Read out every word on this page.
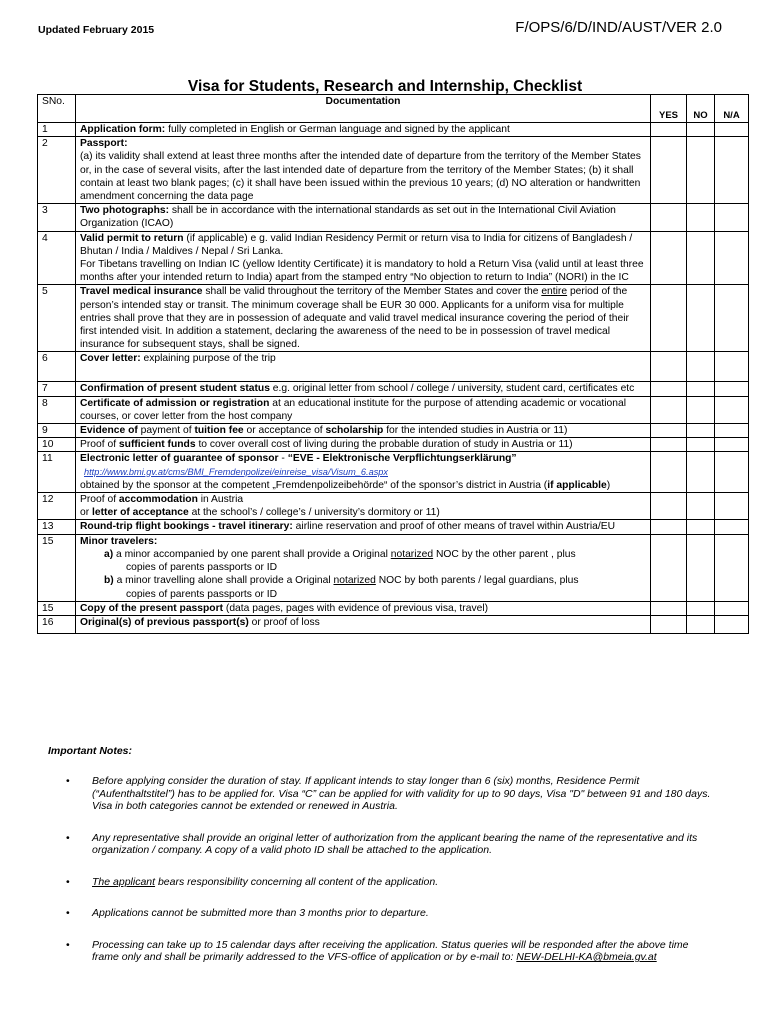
Updated February 2015	F/OPS/6/D/IND/AUST/VER 2.0
Visa for Students, Research and Internship, Checklist
SNo.	Documentation	YES	NO	N/A
1	Application form: fully completed in English or German language and signed by the applicant			
2	Passport:
(a) its validity shall extend at least three months after the intended date of departure from the territory of the Member States or, in the case of several visits, after the last intended date of departure from the territory of the Member States; (b) it shall contain at least two blank pages; (c) it shall have been issued within the previous 10 years; (d) NO alteration or handwritten amendment concerning the data page			
3	Two photographs: shall be in accordance with the international standards as set out in the International Civil Aviation Organization (ICAO)			
4	Valid permit to return (if applicable) e g. valid Indian Residency Permit or return visa to India for citizens of Bangladesh / Bhutan / India / Maldives / Nepal / Sri Lanka.
For Tibetans travelling on Indian IC (yellow Identity Certificate) it is mandatory to hold a Return Visa (valid until at least three months after your intended return to India) apart from the stamped entry “No objection to return to India” (NORI) in the IC			
5	Travel medical insurance shall be valid throughout the territory of the Member States and cover the entire period of the person’s intended stay or transit. The minimum coverage shall be EUR 30 000. Applicants for a uniform visa for multiple entries shall prove that they are in possession of adequate and valid travel medical insurance covering the period of their first intended visit. In addition a statement, declaring the awareness of the need to be in possession of travel medical insurance for subsequent stays, shall be signed.			
6	Cover letter: explaining purpose of the trip			
7	Confirmation of present student status e.g. original letter from school / college / university, student card, certificates etc			
8	Certificate of admission or registration at an educational institute for the purpose of attending academic or vocational courses, or cover letter from the host company			
9	Evidence of payment of tuition fee or acceptance of scholarship for the intended studies in Austria or 11)			
10	Proof of sufficient funds to cover overall cost of living during the probable duration of study in Austria or 11)			
11	Electronic letter of guarantee of sponsor - “EVE - Elektronische Verpflichtungserklärung”
http://www.bmi.gv.at/cms/BMI_Fremdenpolizei/einreise_visa/Visum_6.aspx
obtained by the sponsor at the competent „Fremdenpolizeibehörde“ of the sponsor’s district in Austria (if applicable)			
12	Proof of accommodation in Austria
or letter of acceptance at the school’s / college’s / university’s dormitory or 11)			
13	Round-trip flight bookings - travel itinerary: airline reservation and proof of other means of travel within Austria/EU			
15	Minor travelers:

a) a minor accompanied by one parent shall provide a Original notarized NOC by the other parent , plus
copies of parents passports or ID
b) a minor travelling alone shall provide a Original notarized NOC by both parents / legal guardians, plus
copies of parents passports or ID			

15	Copy of the present passport (data pages, pages with evidence of previous visa, travel)			
16	Original(s) of previous passport(s) or proof of loss			
Important Notes:
• Before applying consider the duration of stay. If applicant intends to stay longer than 6 (six) months, Residence Permit (“Aufenthaltstitel”) has to be applied for. Visa “C” can be applied for with validity for up to 90 days, Visa "D" between 91 and 180 days. Visa in both categories cannot be extended or renewed in Austria.
• Any representative shall provide an original letter of authorization from the applicant bearing the name of the representative and its organization / company. A copy of a valid photo ID shall be attached to the application.
• The applicant bears responsibility concerning all content of the application.
• Applications cannot be submitted more than 3 months prior to departure.
• Processing can take up to 15 calendar days after receiving the application. Status queries will be responded after the above time frame only and shall be primarily addressed to the VFS-office of application or by e-mail to: NEW-DELHI-KA@bmeia.gv.at
